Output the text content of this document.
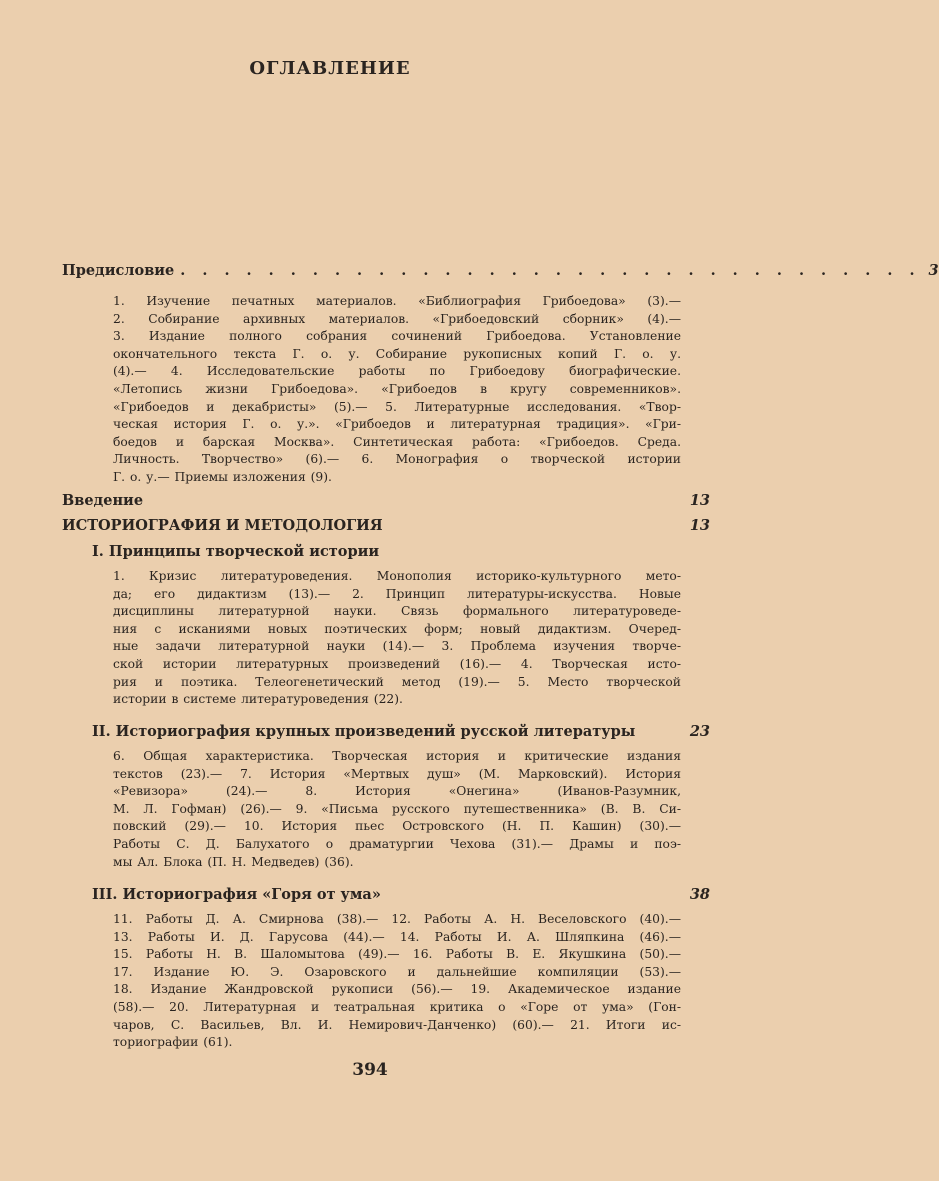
ОГЛАВЛЕНИЕ
Предисловие . . . . . . . . . . . . . . . . . . . . . . . . . . . . . . . . . . 3
1. Изучение печатных материалов. «Библиография Грибоедова» (3).—
2. Собирание архивных материалов. «Грибоедовский сборник» (4).—
3. Издание полного собрания сочинений Грибоедова. Установление
окончательного текста Г. о. у. Собирание рукописных копий Г. о. у.
(4).— 4. Исследовательские работы по Грибоедову биографические.
«Летопись жизни Грибоедова». «Грибоедов в кругу современников».
«Грибоедов и декабристы» (5).— 5. Литературные исследования. «Твор-
ческая история Г. о. у.». «Грибоедов и литературная традиция». «Гри-
боедов и барская Москва». Синтетическая работа: «Грибоедов. Среда.
Личность. Творчество» (6).— 6. Монография о творческой истории
Г. о. у.— Приемы изложения (9).
Введение	13
ИСТОРИОГРАФИЯ И МЕТОДОЛОГИЯ	13
I. Принципы творческой истории
1. Кризис литературоведения. Монополия историко-культурного мето-
да; его дидактизм (13).— 2. Принцип литературы-искусства. Новые
дисциплины литературной науки. Связь формального литературоведе-
ния с исканиями новых поэтических форм; новый дидактизм. Очеред-
ные задачи литературной науки (14).— 3. Проблема изучения творче-
ской истории литературных произведений (16).— 4. Творческая исто-
рия и поэтика. Телеогенетический метод (19).— 5. Место творческой
истории в системе литературоведения (22).
II. Историография крупных произведений русской литературы	23
6. Общая характеристика. Творческая история и критические издания
текстов (23).— 7. История «Мертвых душ» (М. Марковский). История
«Ревизора» (24).— 8. История «Онегина» (Иванов-Разумник,
М. Л. Гофман) (26).— 9. «Письма русского путешественника» (В. В. Си-
повский (29).— 10. История пьес Островского (Н. П. Кашин) (30).—
Работы С. Д. Балухатого о драматургии Чехова (31).— Драмы и поэ-
мы Ал. Блока (П. Н. Медведев) (36).
III. Историография «Горя от ума»	38
11. Работы Д. А. Смирнова (38).— 12. Работы А. Н. Веселовского (40).—
13. Работы И. Д. Гарусова (44).— 14. Работы И. А. Шляпкина (46).—
15. Работы Н. В. Шаломытова (49).— 16. Работы В. Е. Якушкина (50).—
17. Издание Ю. Э. Озаровского и дальнейшие компиляции (53).—
18. Издание Жандровской рукописи (56).— 19. Академическое издание
(58).— 20. Литературная и театральная критика о «Горе от ума» (Гон-
чаров, С. Васильев, Вл. И. Немирович-Данченко) (60).— 21. Итоги ис-
ториографии (61).
394
